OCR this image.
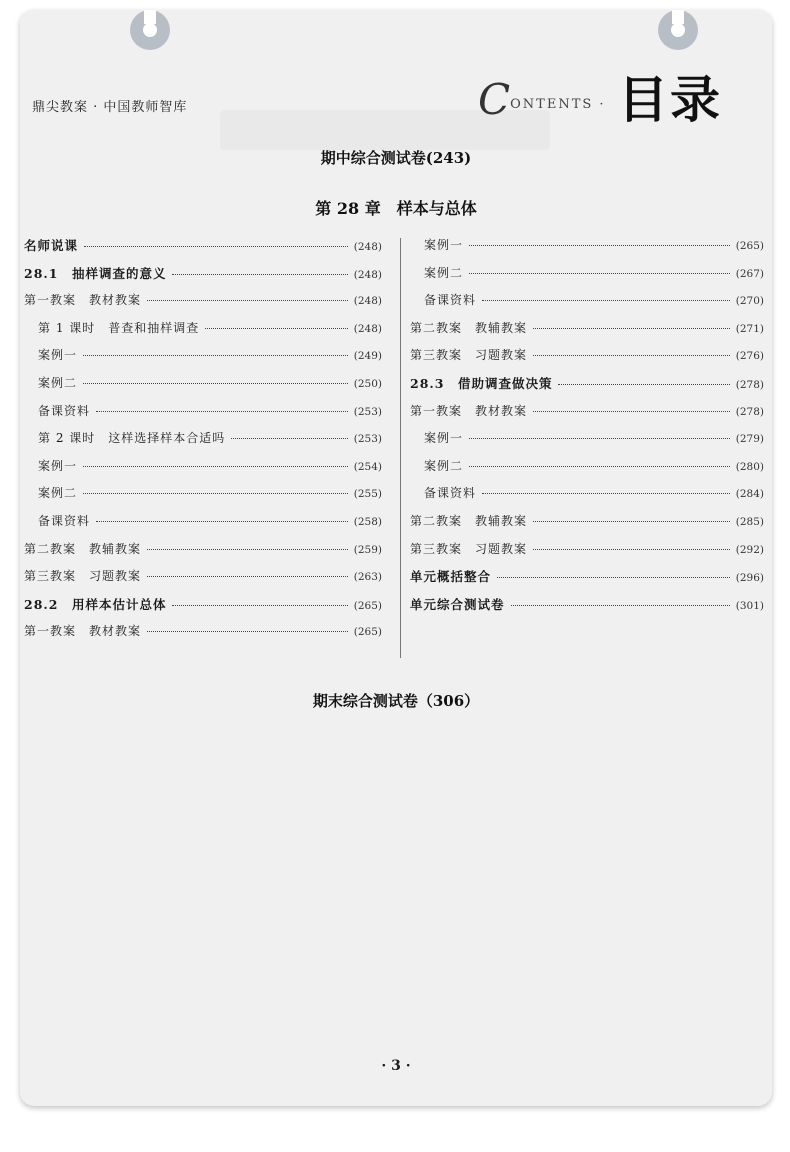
鼎尖教案 · 中国教师智库	$C^{ONTENTS \cdot}$ 目录
期中综合测试卷(243)
第 28 章　样本与总体
名师说课	(248)
28.1　抽样调查的意义	(248)
第一教案　教材教案	(248)
第 1 课时　普查和抽样调查	(248)
案例一	(249)
案例二	(250)
备课资料	(253)
第 2 课时　这样选择样本合适吗	(253)
案例一	(254)
案例二	(255)
备课资料	(258)
第二教案　教辅教案	(259)
第三教案　习题教案	(263)
28.2　用样本估计总体	(265)
第一教案　教材教案	(265)
案例一	(265)
案例二	(267)
备课资料	(270)
第二教案　教辅教案	(271)
第三教案　习题教案	(276)
28.3　借助调查做决策	(278)
第一教案　教材教案	(278)
案例一	(279)
案例二	(280)
备课资料	(284)
第二教案　教辅教案	(285)
第三教案　习题教案	(292)
单元概括整合	(296)
单元综合测试卷	(301)
期末综合测试卷（306）
· 3 ·
